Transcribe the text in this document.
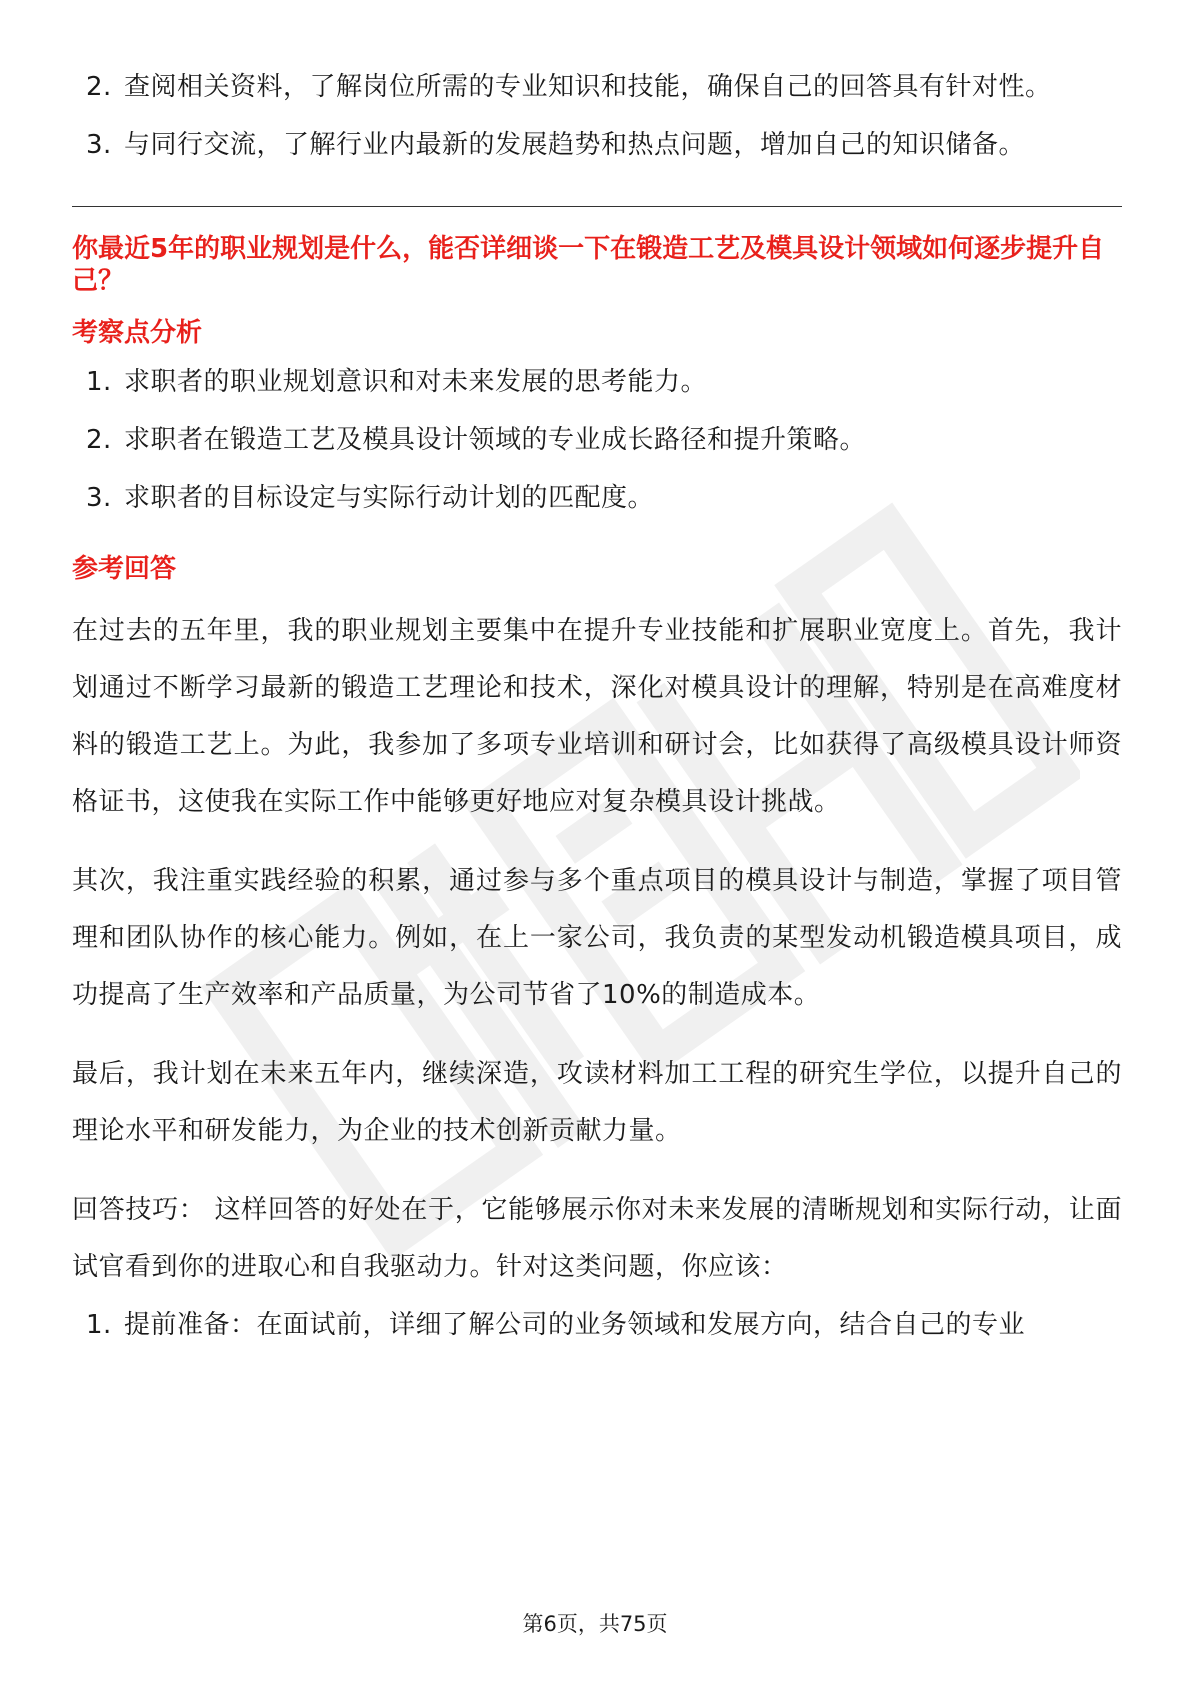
2. 查阅相关资料，了解岗位所需的专业知识和技能，确保自己的回答具有针对性。
3. 与同行交流，了解行业内最新的发展趋势和热点问题，增加自己的知识储备。

你最近5年的职业规划是什么，能否详细谈一下在锻造工艺及模具设计领域如何逐步提升自己？

考察点分析
1. 求职者的职业规划意识和对未来发展的思考能力。
2. 求职者在锻造工艺及模具设计领域的专业成长路径和提升策略。
3. 求职者的目标设定与实际行动计划的匹配度。
参考回答

在过去的五年里，我的职业规划主要集中在提升专业技能和扩展职业宽度上。首先，我计划通过不断学习最新的锻造工艺理论和技术，深化对模具设计的理解，特别是在高难度材料的锻造工艺上。为此，我参加了多项专业培训和研讨会，比如获得了高级模具设计师资格证书，这使我在实际工作中能够更好地应对复杂模具设计挑战。

其次，我注重实践经验的积累，通过参与多个重点项目的模具设计与制造，掌握了项目管理和团队协作的核心能力。例如，在上一家公司，我负责的某型发动机锻造模具项目，成功提高了生产效率和产品质量，为公司节省了10%的制造成本。

最后，我计划在未来五年内，继续深造，攻读材料加工工程的研究生学位，以提升自己的理论水平和研发能力，为企业的技术创新贡献力量。

回答技巧： 这样回答的好处在于，它能够展示你对未来发展的清晰规划和实际行动，让面试官看到你的进取心和自我驱动力。针对这类问题，你应该：

1. 提前准备：在面试前，详细了解公司的业务领域和发展方向，结合自己的专业
第6页，共75页
